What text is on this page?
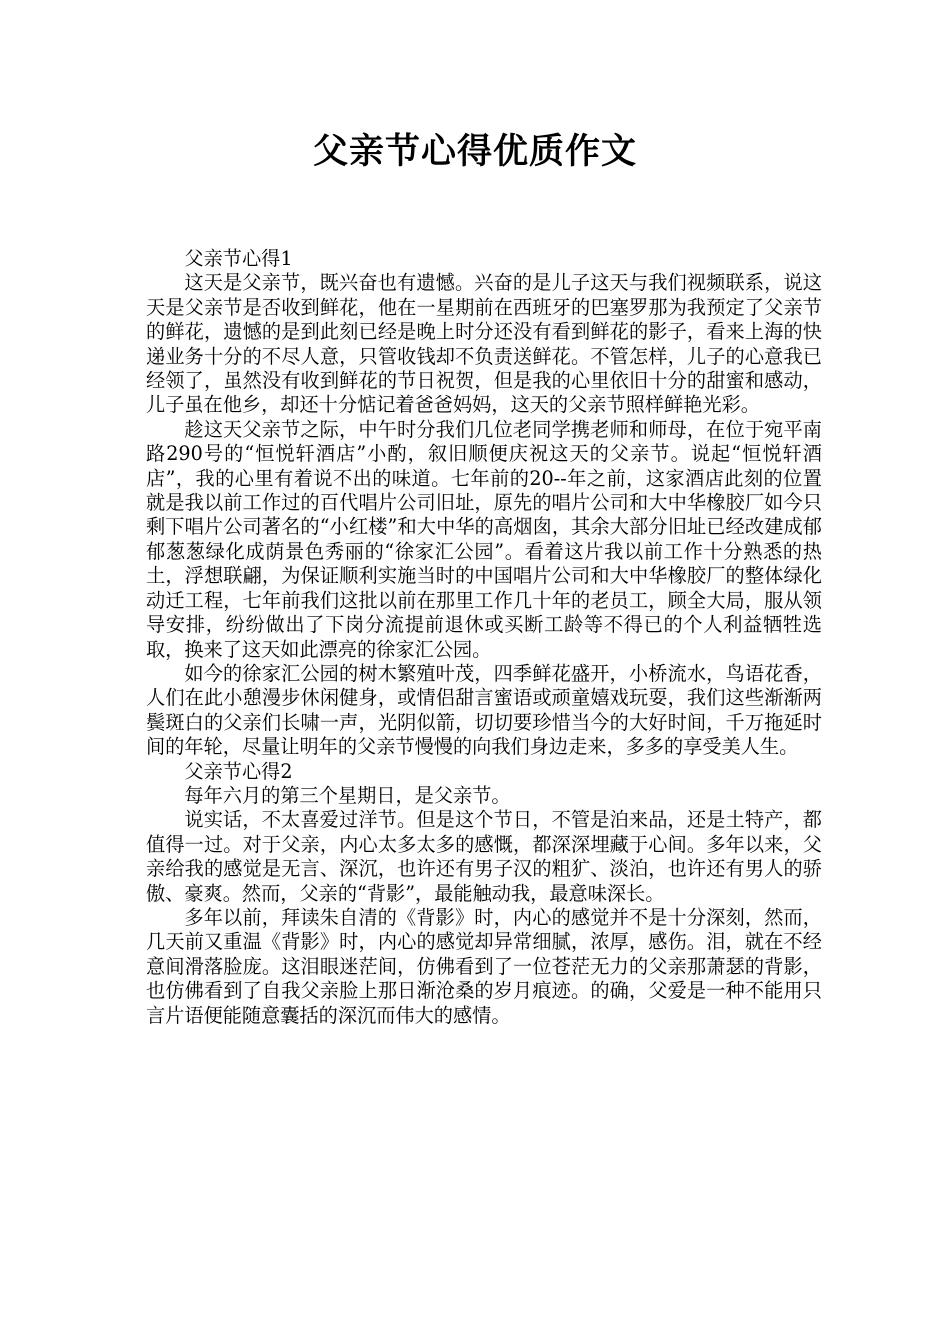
父亲节心得优质作文

父亲节心得1

这天是父亲节，既兴奋也有遗憾。兴奋的是儿子这天与我们视频联系，说这天是父亲节是否收到鲜花，他在一星期前在西班牙的巴塞罗那为我预定了父亲节的鲜花，遗憾的是到此刻已经是晚上时分还没有看到鲜花的影子，看来上海的快递业务十分的不尽人意，只管收钱却不负责送鲜花。不管怎样，儿子的心意我已经领了，虽然没有收到鲜花的节日祝贺，但是我的心里依旧十分的甜蜜和感动，儿子虽在他乡，却还十分惦记着爸爸妈妈，这天的父亲节照样鲜艳光彩。

趁这天父亲节之际，中午时分我们几位老同学携老师和师母，在位于宛平南路290号的“恒悦轩酒店”小酌，叙旧顺便庆祝这天的父亲节。说起“恒悦轩酒店”，我的心里有着说不出的味道。七年前的20--年之前，这家酒店此刻的位置就是我以前工作过的百代唱片公司旧址，原先的唱片公司和大中华橡胶厂如今只剩下唱片公司著名的“小红楼”和大中华的高烟囱，其余大部分旧址已经改建成郁郁葱葱绿化成荫景色秀丽的“徐家汇公园”。看着这片我以前工作十分熟悉的热土，浮想联翩，为保证顺利实施当时的中国唱片公司和大中华橡胶厂的整体绿化动迁工程，七年前我们这批以前在那里工作几十年的老员工，顾全大局，服从领导安排，纷纷做出了下岗分流提前退休或买断工龄等不得已的个人利益牺牲选取，换来了这天如此漂亮的徐家汇公园。

如今的徐家汇公园的树木繁殖叶茂，四季鲜花盛开，小桥流水，鸟语花香，人们在此小憩漫步休闲健身，或情侣甜言蜜语或顽童嬉戏玩耍，我们这些渐渐两鬓斑白的父亲们长啸一声，光阴似箭，切切要珍惜当今的大好时间，千万拖延时间的年轮，尽量让明年的父亲节慢慢的向我们身边走来，多多的享受美人生。

父亲节心得2

每年六月的第三个星期日，是父亲节。

说实话，不太喜爱过洋节。但是这个节日，不管是泊来品，还是土特产，都值得一过。对于父亲，内心太多太多的感慨，都深深埋藏于心间。多年以来，父亲给我的感觉是无言、深沉，也许还有男子汉的粗犷、淡泊，也许还有男人的骄傲、豪爽。然而，父亲的“背影”，最能触动我，最意味深长。

多年以前，拜读朱自清的《背影》时，内心的感觉并不是十分深刻，然而，几天前又重温《背影》时，内心的感觉却异常细腻，浓厚，感伤。泪，就在不经意间滑落脸庞。这泪眼迷茫间，仿佛看到了一位苍茫无力的父亲那萧瑟的背影，也仿佛看到了自我父亲脸上那日渐沧桑的岁月痕迹。的确，父爱是一种不能用只言片语便能随意囊括的深沉而伟大的感情。
